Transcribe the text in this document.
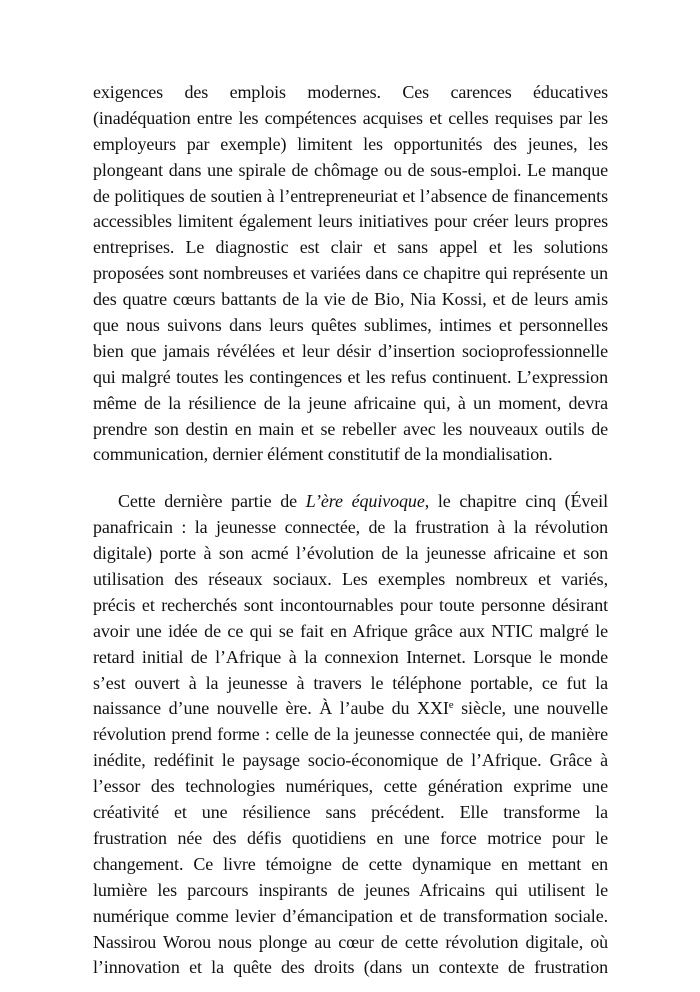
exigences des emplois modernes. Ces carences éducatives
(inadéquation entre les compétences acquises et celles requises par les
employeurs par exemple) limitent les opportunités des jeunes, les
plongeant dans une spirale de chômage ou de sous-emploi. Le manque
de politiques de soutien à l’entrepreneuriat et l’absence de financements
accessibles limitent également leurs initiatives pour créer leurs propres
entreprises. Le diagnostic est clair et sans appel et les solutions
proposées sont nombreuses et variées dans ce chapitre qui représente un
des quatre cœurs battants de la vie de Bio, Nia Kossi, et de leurs amis
que nous suivons dans leurs quêtes sublimes, intimes et personnelles
bien que jamais révélées et leur désir d’insertion socioprofessionnelle
qui malgré toutes les contingences et les refus continuent. L’expression
même de la résilience de la jeune africaine qui, à un moment, devra
prendre son destin en main et se rebeller avec les nouveaux outils de
communication, dernier élément constitutif de la mondialisation.
Cette dernière partie de L’ère équivoque, le chapitre cinq (Éveil
panafricain : la jeunesse connectée, de la frustration à la révolution
digitale) porte à son acmé l’évolution de la jeunesse africaine et son
utilisation des réseaux sociaux. Les exemples nombreux et variés,
précis et recherchés sont incontournables pour toute personne désirant
avoir une idée de ce qui se fait en Afrique grâce aux NTIC malgré le
retard initial de l’Afrique à la connexion Internet. Lorsque le monde
s’est ouvert à la jeunesse à travers le téléphone portable, ce fut la
naissance d’une nouvelle ère. À l’aube du XXIe siècle, une nouvelle
révolution prend forme : celle de la jeunesse connectée qui, de manière
inédite, redéfinit le paysage socio-économique de l’Afrique. Grâce à
l’essor des technologies numériques, cette génération exprime une
créativité et une résilience sans précédent. Elle transforme la
frustration née des défis quotidiens en une force motrice pour le
changement. Ce livre témoigne de cette dynamique en mettant en
lumière les parcours inspirants de jeunes Africains qui utilisent le
numérique comme levier d’émancipation et de transformation sociale.
Nassirou Worou nous plonge au cœur de cette révolution digitale, où
l’innovation et la quête des droits (dans un contexte de frustration
